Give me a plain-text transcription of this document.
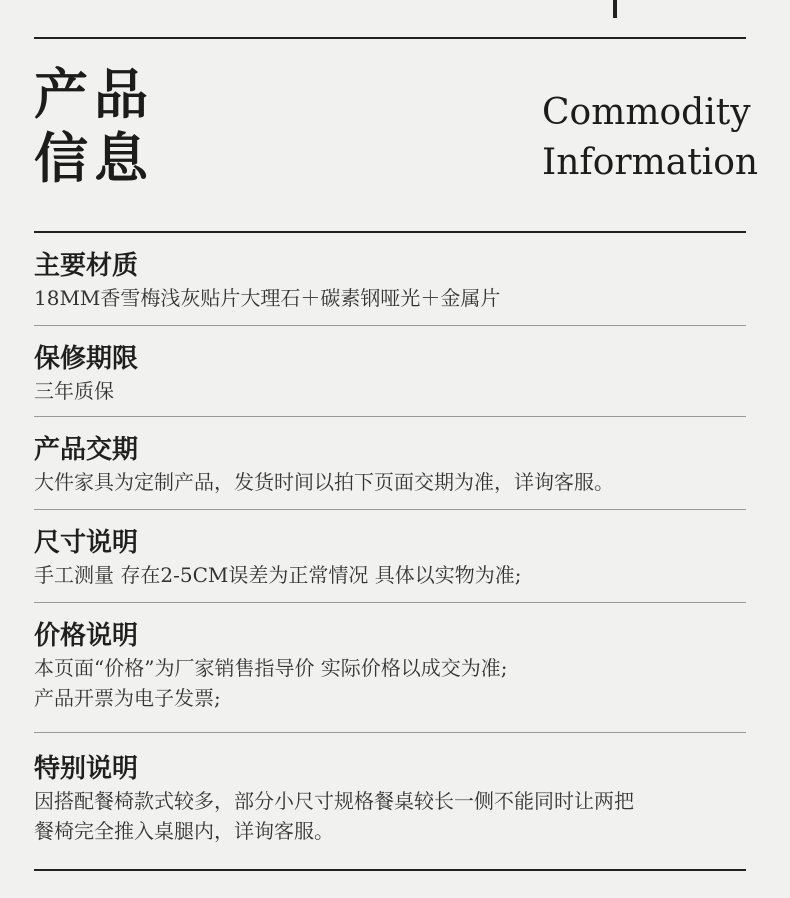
产品
信息
Commodity
Information
主要材质
18MM香雪梅浅灰贴片大理石＋碳素钢哑光＋金属片
保修期限
三年质保
产品交期
大件家具为定制产品，发货时间以拍下页面交期为准，详询客服。
尺寸说明
手工测量 存在2-5CM误差为正常情况 具体以实物为准;
价格说明
本页面“价格”为厂家销售指导价 实际价格以成交为准;
产品开票为电子发票;
特别说明
因搭配餐椅款式较多，部分小尺寸规格餐桌较长一侧不能同时让两把
餐椅完全推入桌腿内，详询客服。
